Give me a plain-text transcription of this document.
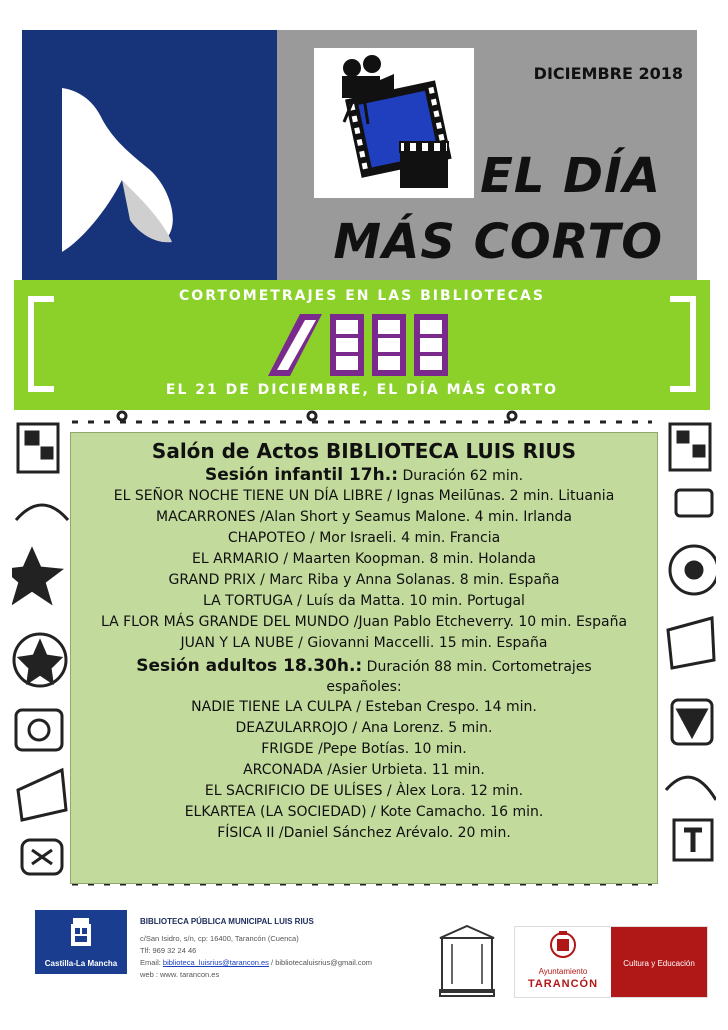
DICIEMBRE 2018
EL DÍA
MÁS CORTO
CORTOMETRAJES EN LAS BIBLIOTECAS
EL 21 DE DICIEMBRE, EL DÍA MÁS CORTO
Salón de Actos BIBLIOTECA LUIS RIUS
Sesión infantil 17h.: Duración 62 min.
EL SEÑOR NOCHE TIENE UN DÍA LIBRE / Ignas Meilūnas. 2 min. Lituania
MACARRONES /Alan Short y Seamus Malone. 4 min. Irlanda
CHAPOTEO / Mor Israeli. 4 min. Francia
EL ARMARIO / Maarten Koopman. 8 min. Holanda
GRAND PRIX / Marc Riba y Anna Solanas. 8 min. España
LA TORTUGA / Luís da Matta. 10 min. Portugal
LA FLOR MÁS GRANDE DEL MUNDO /Juan Pablo Etcheverry. 10 min. España
JUAN Y LA NUBE / Giovanni Maccelli. 15 min. España
Sesión adultos 18.30h.: Duración 88 min. Cortometrajes españoles:
NADIE TIENE LA CULPA / Esteban Crespo. 14 min.
DEAZULARROJO / Ana Lorenz. 5 min.
FRIGDE /Pepe Botías. 10 min.
ARCONADA /Asier Urbieta. 11 min.
EL SACRIFICIO DE ULÍSES / Àlex Lora. 12 min.
ELKARTEA (LA SOCIEDAD) / Kote Camacho. 16 min.
FÍSICA II /Daniel Sánchez Arévalo. 20 min.
Castilla-La Mancha
BIBLIOTECA PÚBLICA MUNICIPAL LUIS RIUS
c/San Isidro, s/n, cp: 16400, Tarancón (Cuenca)
Tlf: 969 32 24 46
Email: biblioteca_luisrius@tarancon.es / bibliotecaluisrius@gmail.com
web : www. tarancon.es	Ayuntamiento
TARANCÓN
Cultura y Educación
